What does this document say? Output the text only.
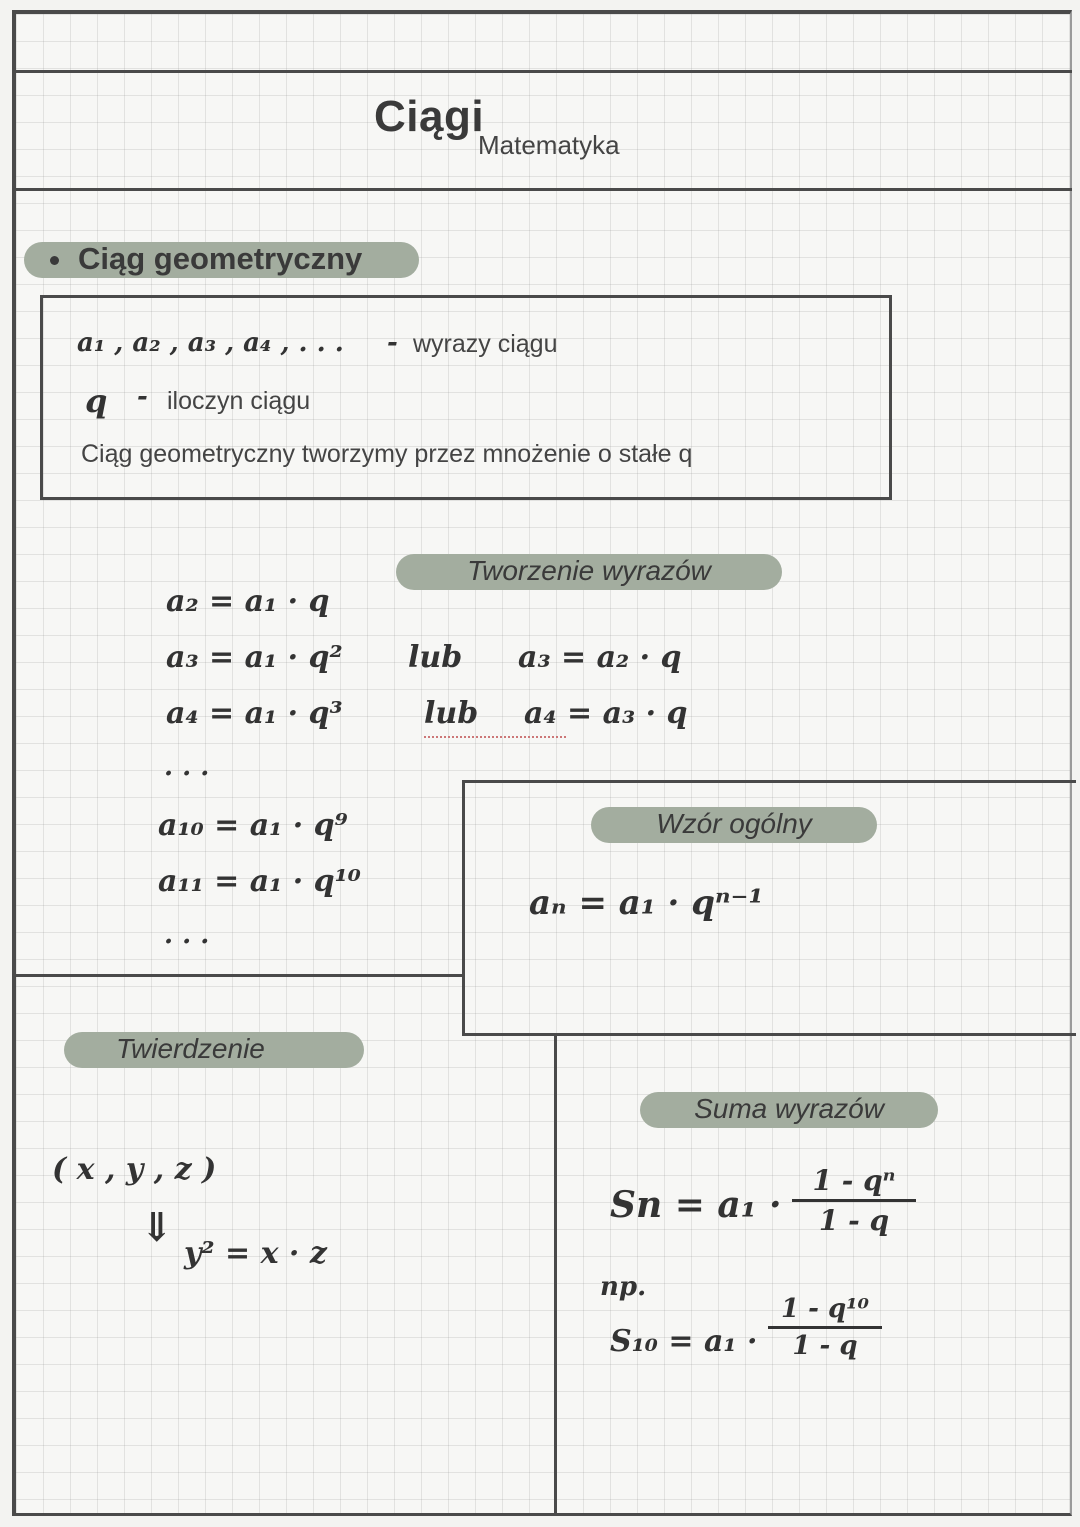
Ciągi
Matematyka
Ciąg geometryczny
a₁ , a₂ , a₃ , a₄ , . . . - wyrazy ciągu
q - iloczyn ciągu
Ciąg geometryczny tworzymy przez mnożenie o stałe q
Tworzenie wyrazów
a₂ = a₁ · q
a₃ = a₁ · q²
a₄ = a₁ · q³
. . .
a₁₀ = a₁ · q⁹
a₁₁ = a₁ · q¹⁰
. . .
lub a₃ = a₂ · q
lub a₄ = a₃ · q
Wzór ogólny
aₙ = a₁ · qⁿ⁻¹
Twierdzenie
( x , y , z )
⇓
y² = x · z
Suma wyrazów
Sn = a₁ ·
1 - qⁿ
1 - q
np.
S₁₀ = a₁ ·
1 - q¹⁰
1 - q
